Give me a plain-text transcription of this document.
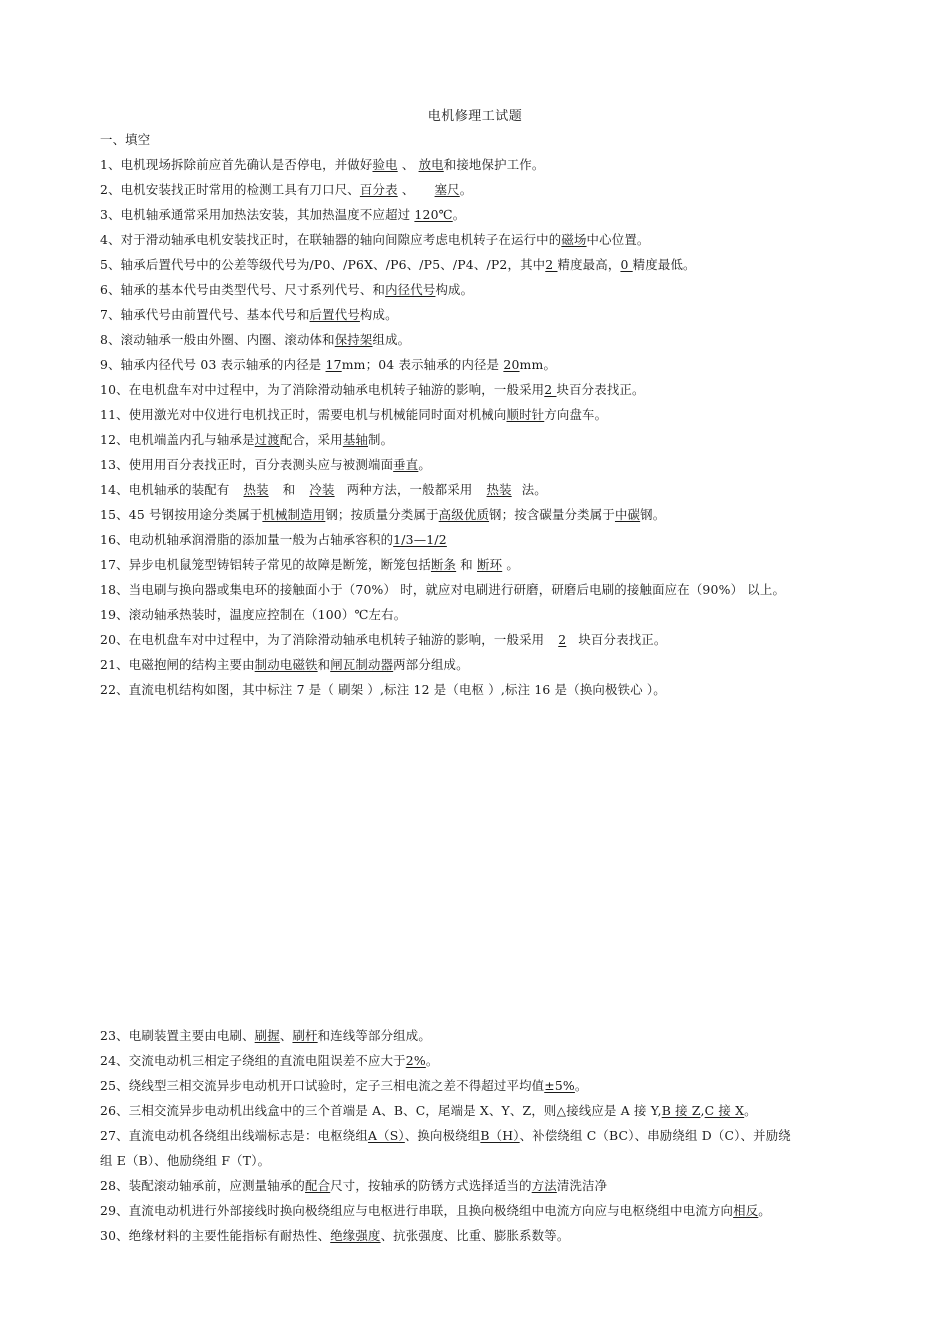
电机修理工试题
一、填空
1、电机现场拆除前应首先确认是否停电，并做好验电 、 放电和接地保护工作。
2、电机安装找正时常用的检测工具有刀口尺、百分表 、 塞尺。
3、电机轴承通常采用加热法安装，其加热温度不应超过 120℃。
4、对于滑动轴承电机安装找正时，在联轴器的轴向间隙应考虑电机转子在运行中的磁场中心位置。
5、轴承后置代号中的公差等级代号为/P0、/P6X、/P6、/P5、/P4、/P2，其中2 精度最高，0 精度最低。
6、轴承的基本代号由类型代号、尺寸系列代号、和内径代号构成。
7、轴承代号由前置代号、基本代号和后置代号构成。
8、滚动轴承一般由外圈、内圈、滚动体和保持架组成。
9、轴承内径代号 03 表示轴承的内径是 17mm；04 表示轴承的内径是 20mm。
10、在电机盘车对中过程中，为了消除滑动轴承电机转子轴游的影响，一般采用2 块百分表找正。
11、使用激光对中仪进行电机找正时，需要电机与机械能同时面对机械向顺时针方向盘车。
12、电机端盖内孔与轴承是过渡配合，采用基轴制。
13、使用用百分表找正时，百分表测头应与被测端面垂直。
14、电机轴承的装配有 热装 和 冷装 两种方法，一般都采用 热装 法。
15、45 号钢按用途分类属于机械制造用钢；按质量分类属于高级优质钢；按含碳量分类属于中碳钢。
16、电动机轴承润滑脂的添加量一般为占轴承容积的1/3—1/2
17、异步电机鼠笼型铸铝转子常见的故障是断笼，断笼包括断条 和 断环 。
18、当电刷与换向器或集电环的接触面小于（70%） 时，就应对电刷进行研磨，研磨后电刷的接触面应在（90%） 以上。
19、滚动轴承热装时，温度应控制在（100）℃左右。
20、在电机盘车对中过程中，为了消除滑动轴承电机转子轴游的影响，一般采用 2 块百分表找正。
21、电磁抱闸的结构主要由制动电磁铁和闸瓦制动器两部分组成。
22、直流电机结构如图，其中标注 7 是（ 刷架 ）,标注 12 是（电枢 ）,标注 16 是（换向极铁心 ）。
23、电刷装置主要由电刷、刷握、刷杆和连线等部分组成。
24、交流电动机三相定子绕组的直流电阻误差不应大于2%。
25、绕线型三相交流异步电动机开口试验时，定子三相电流之差不得超过平均值±5%。
26、三相交流异步电动机出线盒中的三个首端是 A、B、C，尾端是 X、Y、Z，则△接线应是 A 接 Y,B 接 Z,C 接 X。
27、直流电动机各绕组出线端标志是：电枢绕组A（S）、换向极绕组B（H）、补偿绕组 C（BC）、串励绕组 D（C）、并励绕
组 E（B）、他励绕组 F（T）。
28、装配滚动轴承前，应测量轴承的配合尺寸，按轴承的防锈方式选择适当的方法清洗洁净
29、直流电动机进行外部接线时换向极绕组应与电枢进行串联，且换向极绕组中电流方向应与电枢绕组中电流方向相反。
30、绝缘材料的主要性能指标有耐热性、绝缘强度、抗张强度、比重、膨胀系数等。
